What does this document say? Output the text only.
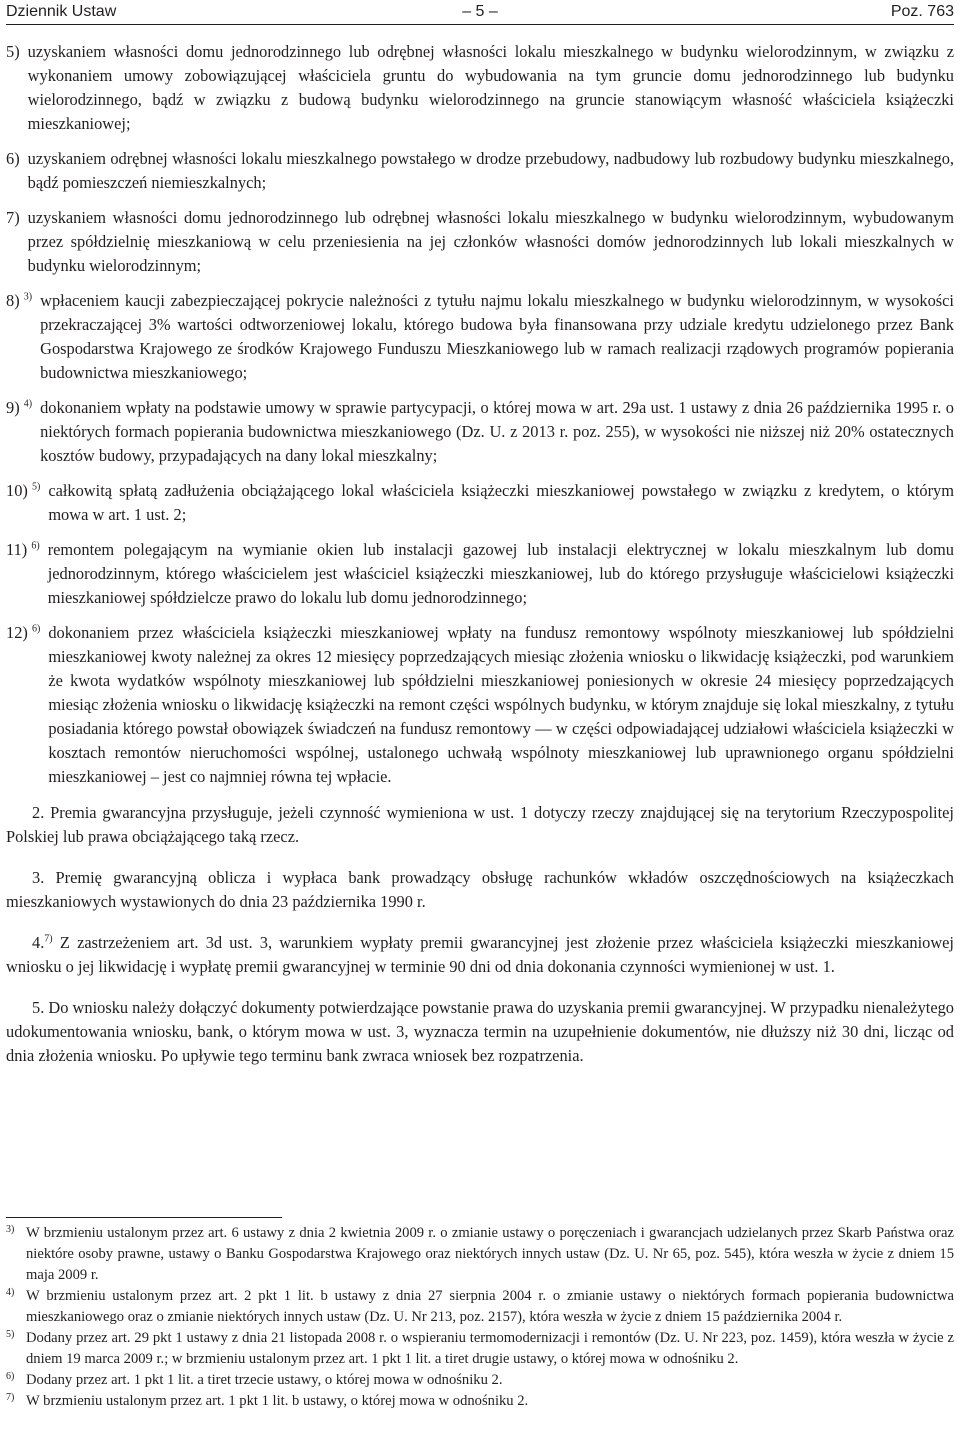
Dziennik Ustaw	– 5 –	Poz. 763
5) uzyskaniem własności domu jednorodzinnego lub odrębnej własności lokalu mieszkalnego w budynku wielorodzinnym, w związku z wykonaniem umowy zobowiązującej właściciela gruntu do wybudowania na tym gruncie domu jednorodzinnego lub budynku wielorodzinnego, bądź w związku z budową budynku wielorodzinnego na gruncie stanowiącym własność właściciela książeczki mieszkaniowej;
6) uzyskaniem odrębnej własności lokalu mieszkalnego powstałego w drodze przebudowy, nadbudowy lub rozbudowy budynku mieszkalnego, bądź pomieszczeń niemieszkalnych;
7) uzyskaniem własności domu jednorodzinnego lub odrębnej własności lokalu mieszkalnego w budynku wielorodzinnym, wybudowanym przez spółdzielnię mieszkaniową w celu przeniesienia na jej członków własności domów jednorodzinnych lub lokali mieszkalnych w budynku wielorodzinnym;
8) $^{3)}$ wpłaceniem kaucji zabezpieczającej pokrycie należności z tytułu najmu lokalu mieszkalnego w budynku wielorodzinnym, w wysokości przekraczającej 3% wartości odtworzeniowej lokalu, którego budowa była finansowana przy udziale kredytu udzielonego przez Bank Gospodarstwa Krajowego ze środków Krajowego Funduszu Mieszkaniowego lub w ramach realizacji rządowych programów popierania budownictwa mieszkaniowego;
9) $^{4)}$ dokonaniem wpłaty na podstawie umowy w sprawie partycypacji, o której mowa w art. 29a ust. 1 ustawy z dnia 26 października 1995 r. o niektórych formach popierania budownictwa mieszkaniowego (Dz. U. z 2013 r. poz. 255), w wysokości nie niższej niż 20% ostatecznych kosztów budowy, przypadających na dany lokal mieszkalny;
10) $^{5)}$ całkowitą spłatą zadłużenia obciążającego lokal właściciela książeczki mieszkaniowej powstałego w związku z kredytem, o którym mowa w art. 1 ust. 2;
11) $^{6)}$ remontem polegającym na wymianie okien lub instalacji gazowej lub instalacji elektrycznej w lokalu mieszkalnym lub domu jednorodzinnym, którego właścicielem jest właściciel książeczki mieszkaniowej, lub do którego przysługuje właścicielowi książeczki mieszkaniowej spółdzielcze prawo do lokalu lub domu jednorodzinnego;
12) $^{6)}$ dokonaniem przez właściciela książeczki mieszkaniowej wpłaty na fundusz remontowy wspólnoty mieszkaniowej lub spółdzielni mieszkaniowej kwoty należnej za okres 12 miesięcy poprzedzających miesiąc złożenia wniosku o likwidację książeczki, pod warunkiem że kwota wydatków wspólnoty mieszkaniowej lub spółdzielni mieszkaniowej poniesionych w okresie 24 miesięcy poprzedzających miesiąc złożenia wniosku o likwidację książeczki na remont części wspólnych budynku, w którym znajduje się lokal mieszkalny, z tytułu posiadania którego powstał obowiązek świadczeń na fundusz remontowy — w części odpowiadającej udziałowi właściciela książeczki w kosztach remontów nieruchomości wspólnej, ustalonego uchwałą wspólnoty mieszkaniowej lub uprawnionego organu spółdzielni mieszkaniowej – jest co najmniej równa tej wpłacie.

2. Premia gwarancyjna przysługuje, jeżeli czynność wymieniona w ust. 1 dotyczy rzeczy znajdującej się na terytorium Rzeczypospolitej Polskiej lub prawa obciążającego taką rzecz.

3. Premię gwarancyjną oblicza i wypłaca bank prowadzący obsługę rachunków wkładów oszczędnościowych na książeczkach mieszkaniowych wystawionych do dnia 23 października 1990 r.

4.$^{7)}$ Z zastrzeżeniem art. 3d ust. 3, warunkiem wypłaty premii gwarancyjnej jest złożenie przez właściciela książeczki mieszkaniowej wniosku o jej likwidację i wypłatę premii gwarancyjnej w terminie 90 dni od dnia dokonania czynności wymienionej w ust. 1.

5. Do wniosku należy dołączyć dokumenty potwierdzające powstanie prawa do uzyskania premii gwarancyjnej. W przypadku nienależytego udokumentowania wniosku, bank, o którym mowa w ust. 3, wyznacza termin na uzupełnienie dokumentów, nie dłuższy niż 30 dni, licząc od dnia złożenia wniosku. Po upływie tego terminu bank zwraca wniosek bez rozpatrzenia.

3) W brzmieniu ustalonym przez art. 6 ustawy z dnia 2 kwietnia 2009 r. o zmianie ustawy o poręczeniach i gwarancjach udzielanych przez Skarb Państwa oraz niektóre osoby prawne, ustawy o Banku Gospodarstwa Krajowego oraz niektórych innych ustaw (Dz. U. Nr 65, poz. 545), która weszła w życie z dniem 15 maja 2009 r.
4) W brzmieniu ustalonym przez art. 2 pkt 1 lit. b ustawy z dnia 27 sierpnia 2004 r. o zmianie ustawy o niektórych formach popierania budownictwa mieszkaniowego oraz o zmianie niektórych innych ustaw (Dz. U. Nr 213, poz. 2157), która weszła w życie z dniem 15 października 2004 r.
5) Dodany przez art. 29 pkt 1 ustawy z dnia 21 listopada 2008 r. o wspieraniu termomodernizacji i remontów (Dz. U. Nr 223, poz. 1459), która weszła w życie z dniem 19 marca 2009 r.; w brzmieniu ustalonym przez art. 1 pkt 1 lit. a tiret drugie ustawy, o której mowa w odnośniku 2.
6) Dodany przez art. 1 pkt 1 lit. a tiret trzecie ustawy, o której mowa w odnośniku 2.
7) W brzmieniu ustalonym przez art. 1 pkt 1 lit. b ustawy, o której mowa w odnośniku 2.
